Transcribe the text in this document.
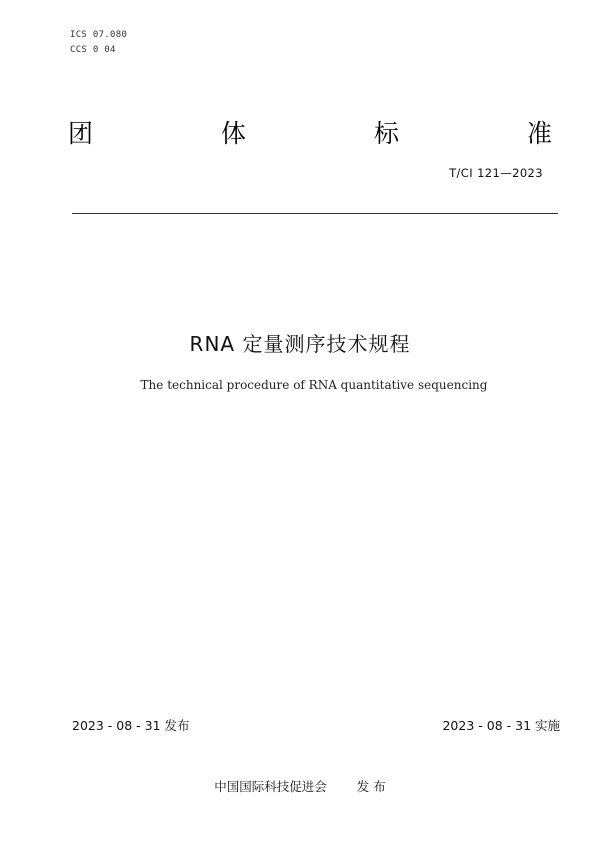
ICS 07.080
CCS 0 04
团	体	标	准
T/CI 121—2023
RNA 定量测序技术规程
The technical procedure of RNA quantitative sequencing
2023 - 08 - 31 发布	2023 - 08 - 31 实施
中国国际科技促进会 发 布
